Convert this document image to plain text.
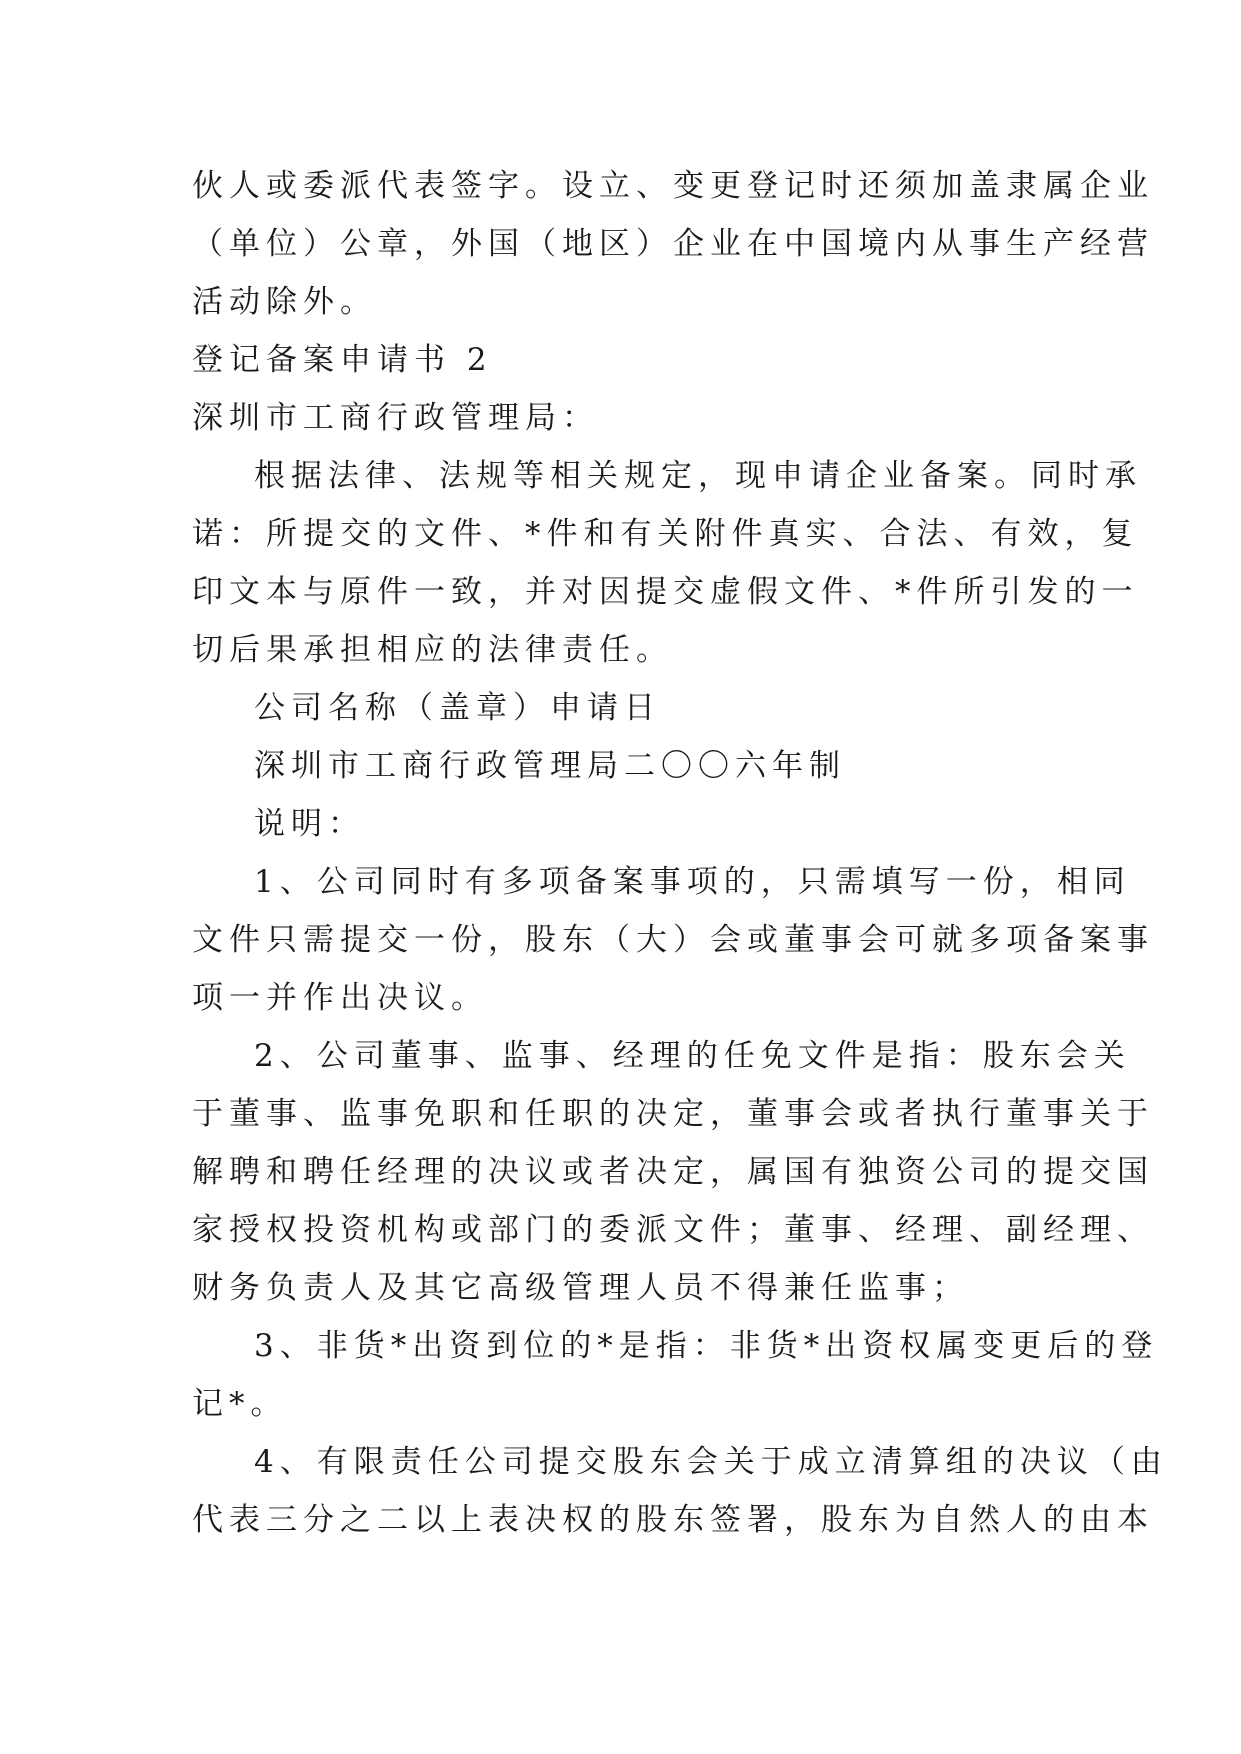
伙人或委派代表签字。设立、变更登记时还须加盖隶属企业
（单位）公章，外国（地区）企业在中国境内从事生产经营
活动除外。
登记备案申请书 2
深圳市工商行政管理局：
根据法律、法规等相关规定，现申请企业备案。同时承
诺：所提交的文件、*件和有关附件真实、合法、有效，复
印文本与原件一致，并对因提交虚假文件、*件所引发的一
切后果承担相应的法律责任。
公司名称（盖章）申请日
深圳市工商行政管理局二〇〇六年制
说明：
1、公司同时有多项备案事项的，只需填写一份，相同
文件只需提交一份，股东（大）会或董事会可就多项备案事
项一并作出决议。
2、公司董事、监事、经理的任免文件是指：股东会关
于董事、监事免职和任职的决定，董事会或者执行董事关于
解聘和聘任经理的决议或者决定，属国有独资公司的提交国
家授权投资机构或部门的委派文件；董事、经理、副经理、
财务负责人及其它高级管理人员不得兼任监事；
3、非货*出资到位的*是指：非货*出资权属变更后的登
记*。
4、有限责任公司提交股东会关于成立清算组的决议（由
代表三分之二以上表决权的股东签署，股东为自然人的由本
